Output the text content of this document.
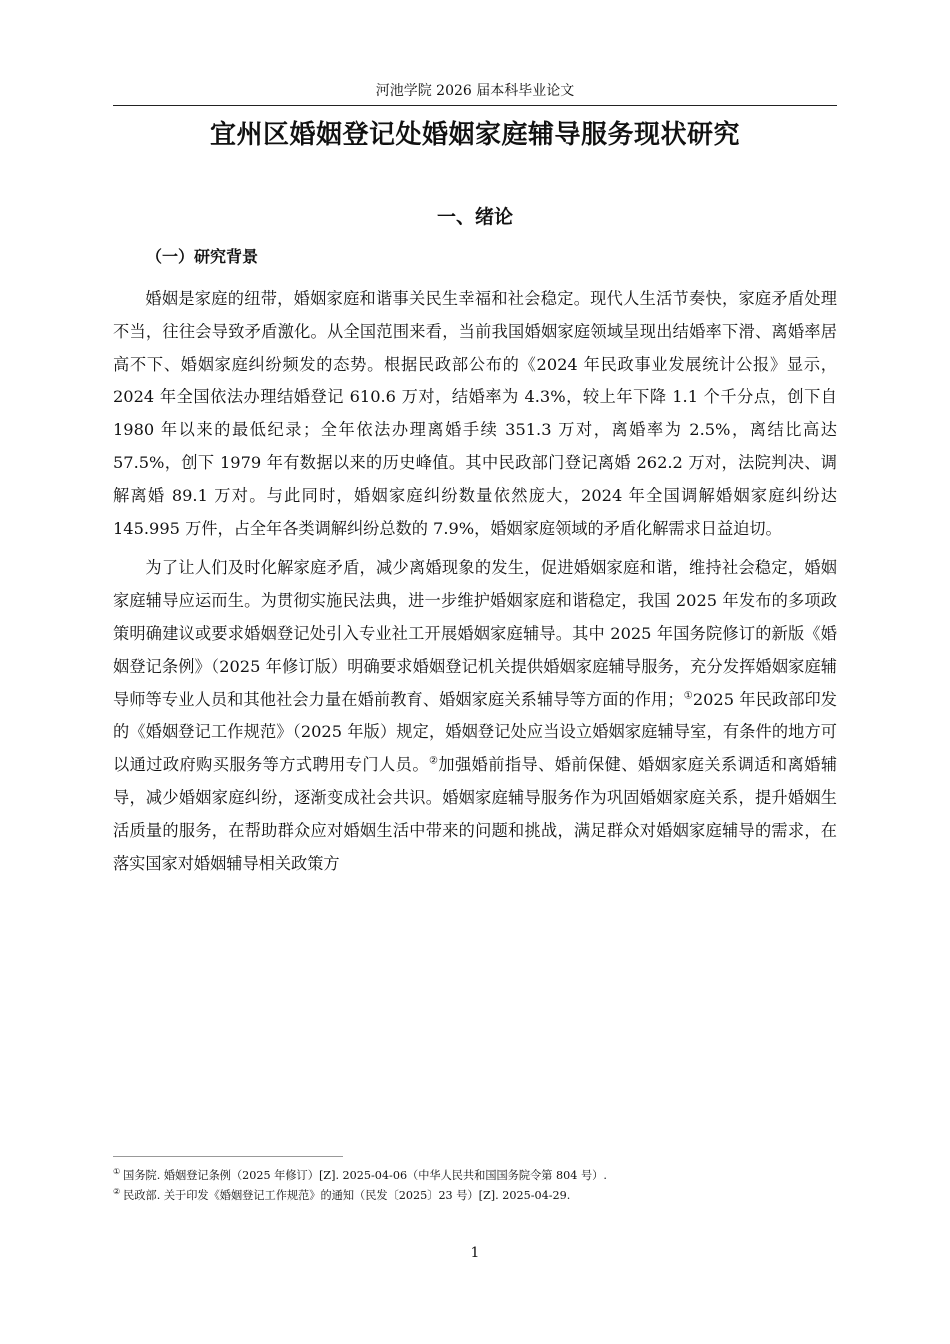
河池学院 2026 届本科毕业论文
宜州区婚姻登记处婚姻家庭辅导服务现状研究
一、绪论
（一）研究背景

婚姻是家庭的纽带，婚姻家庭和谐事关民生幸福和社会稳定。现代人生活节奏快，家庭矛盾处理不当，往往会导致矛盾激化。从全国范围来看，当前我国婚姻家庭领域呈现出结婚率下滑、离婚率居高不下、婚姻家庭纠纷频发的态势。根据民政部公布的《2024 年民政事业发展统计公报》显示，2024 年全国依法办理结婚登记 610.6 万对，结婚率为 4.3%，较上年下降 1.1 个千分点，创下自 1980 年以来的最低纪录；全年依法办理离婚手续 351.3 万对，离婚率为 2.5%，离结比高达 57.5%，创下 1979 年有数据以来的历史峰值。其中民政部门登记离婚 262.2 万对，法院判决、调解离婚 89.1 万对。与此同时，婚姻家庭纠纷数量依然庞大，2024 年全国调解婚姻家庭纠纷达 145.995 万件，占全年各类调解纠纷总数的 7.9%，婚姻家庭领域的矛盾化解需求日益迫切。

为了让人们及时化解家庭矛盾，减少离婚现象的发生，促进婚姻家庭和谐，维持社会稳定，婚姻家庭辅导应运而生。为贯彻实施民法典，进一步维护婚姻家庭和谐稳定，我国 2025 年发布的多项政策明确建议或要求婚姻登记处引入专业社工开展婚姻家庭辅导。其中 2025 年国务院修订的新版《婚姻登记条例》（2025 年修订版）明确要求婚姻登记机关提供婚姻家庭辅导服务，充分发挥婚姻家庭辅导师等专业人员和其他社会力量在婚前教育、婚姻家庭关系辅导等方面的作用；①2025 年民政部印发的《婚姻登记工作规范》（2025 年版）规定，婚姻登记处应当设立婚姻家庭辅导室，有条件的地方可以通过政府购买服务等方式聘用专门人员。②加强婚前指导、婚前保健、婚姻家庭关系调适和离婚辅导，减少婚姻家庭纠纷，逐渐变成社会共识。婚姻家庭辅导服务作为巩固婚姻家庭关系，提升婚姻生活质量的服务，在帮助群众应对婚姻生活中带来的问题和挑战，满足群众对婚姻家庭辅导的需求，在落实国家对婚姻辅导相关政策方

① 国务院. 婚姻登记条例（2025 年修订）[Z]. 2025-04-06（中华人民共和国国务院令第 804 号）.
② 民政部. 关于印发《婚姻登记工作规范》的通知（民发〔2025〕23 号）[Z]. 2025-04-29.
1
